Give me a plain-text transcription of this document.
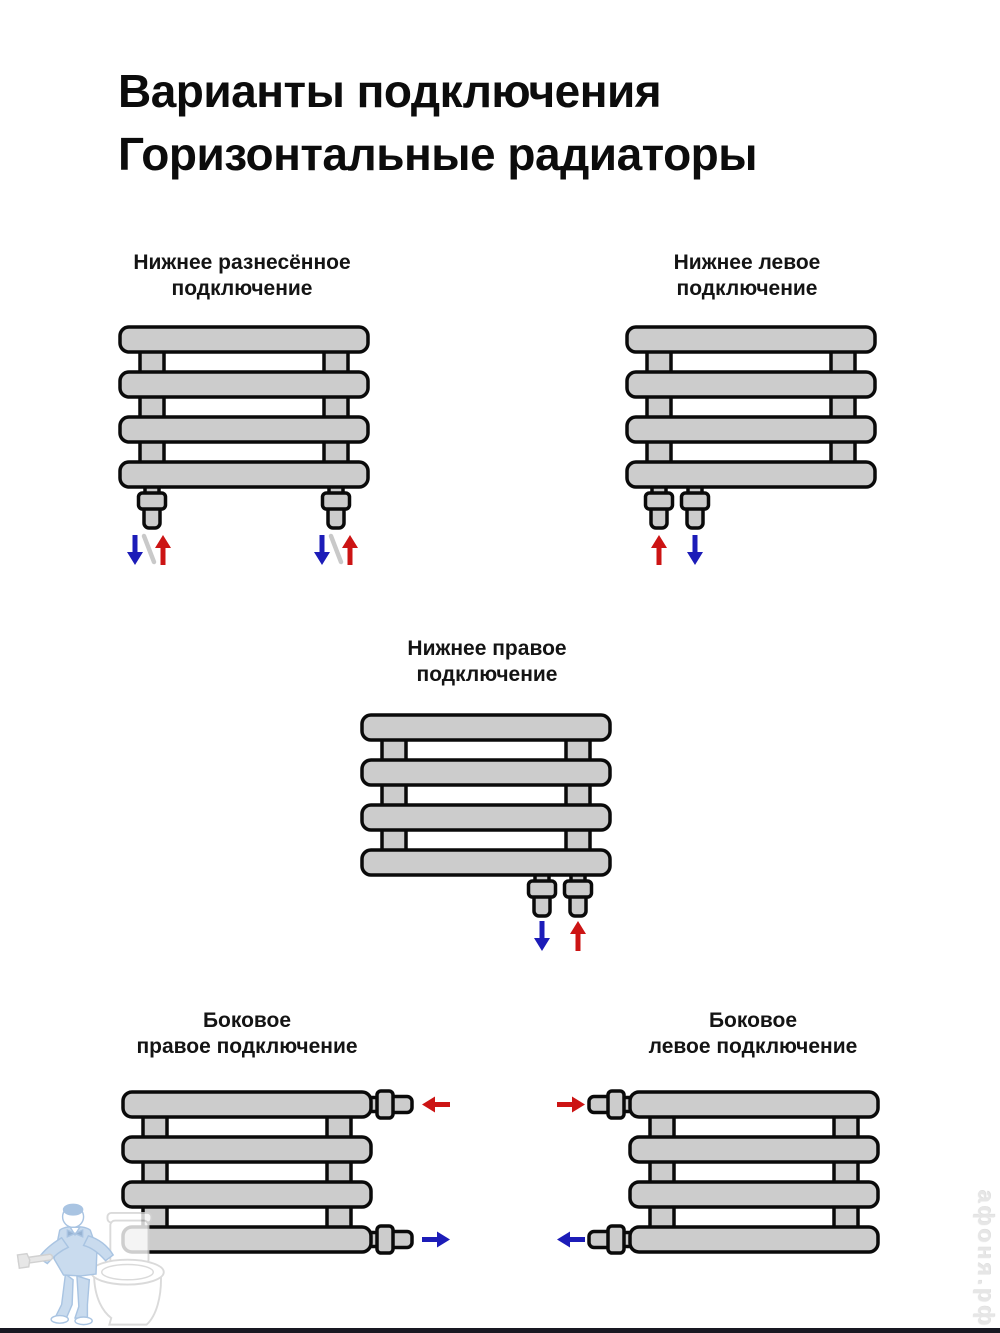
Варианты подключения
Горизонтальные радиаторы
Нижнее разнесённое
подключение
Нижнее левое
подключение
Нижнее правое
подключение
Боковое
правое подключение
Боковое
левое подключение
афоня.рф
